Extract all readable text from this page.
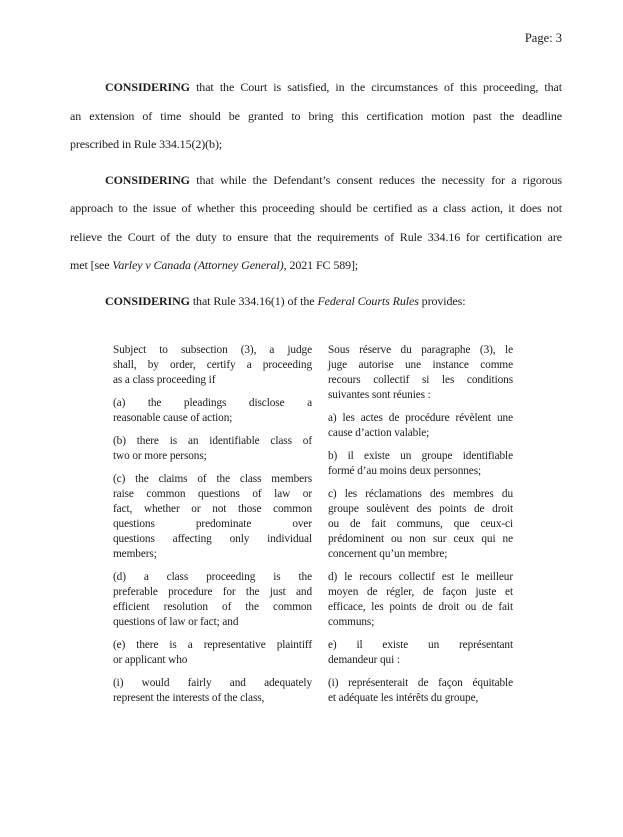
Page: 3
CONSIDERING that the Court is satisfied, in the circumstances of this proceeding, that
an extension of time should be granted to bring this certification motion past the deadline
prescribed in Rule 334.15(2)(b);
CONSIDERING that while the Defendant’s consent reduces the necessity for a rigorous
approach to the issue of whether this proceeding should be certified as a class action, it does not
relieve the Court of the duty to ensure that the requirements of Rule 334.16 for certification are
met [see Varley v Canada (Attorney General), 2021 FC 589];
CONSIDERING that Rule 334.16(1) of the Federal Courts Rules provides:
Subject to subsection (3), a judge
shall, by order, certify a proceeding
as a class proceeding if
(a) the pleadings disclose a
reasonable cause of action;
(b) there is an identifiable class of
two or more persons;
(c) the claims of the class members
raise common questions of law or
fact, whether or not those common
questions predominate over
questions affecting only individual
members;
(d) a class proceeding is the
preferable procedure for the just and
efficient resolution of the common
questions of law or fact; and
(e) there is a representative plaintiff
or applicant who
(i) would fairly and adequately
represent the interests of the class,
Sous réserve du paragraphe (3), le
juge autorise une instance comme
recours collectif si les conditions
suivantes sont réunies :
a) les actes de procédure révèlent une
cause d’action valable;
b) il existe un groupe identifiable
formé d’au moins deux personnes;
c) les réclamations des membres du
groupe soulèvent des points de droit
ou de fait communs, que ceux-ci
prédominent ou non sur ceux qui ne
concernent qu’un membre;
d) le recours collectif est le meilleur
moyen de régler, de façon juste et
efficace, les points de droit ou de fait
communs;
e) il existe un représentant
demandeur qui :
(i) représenterait de façon équitable
et adéquate les intérêts du groupe,
